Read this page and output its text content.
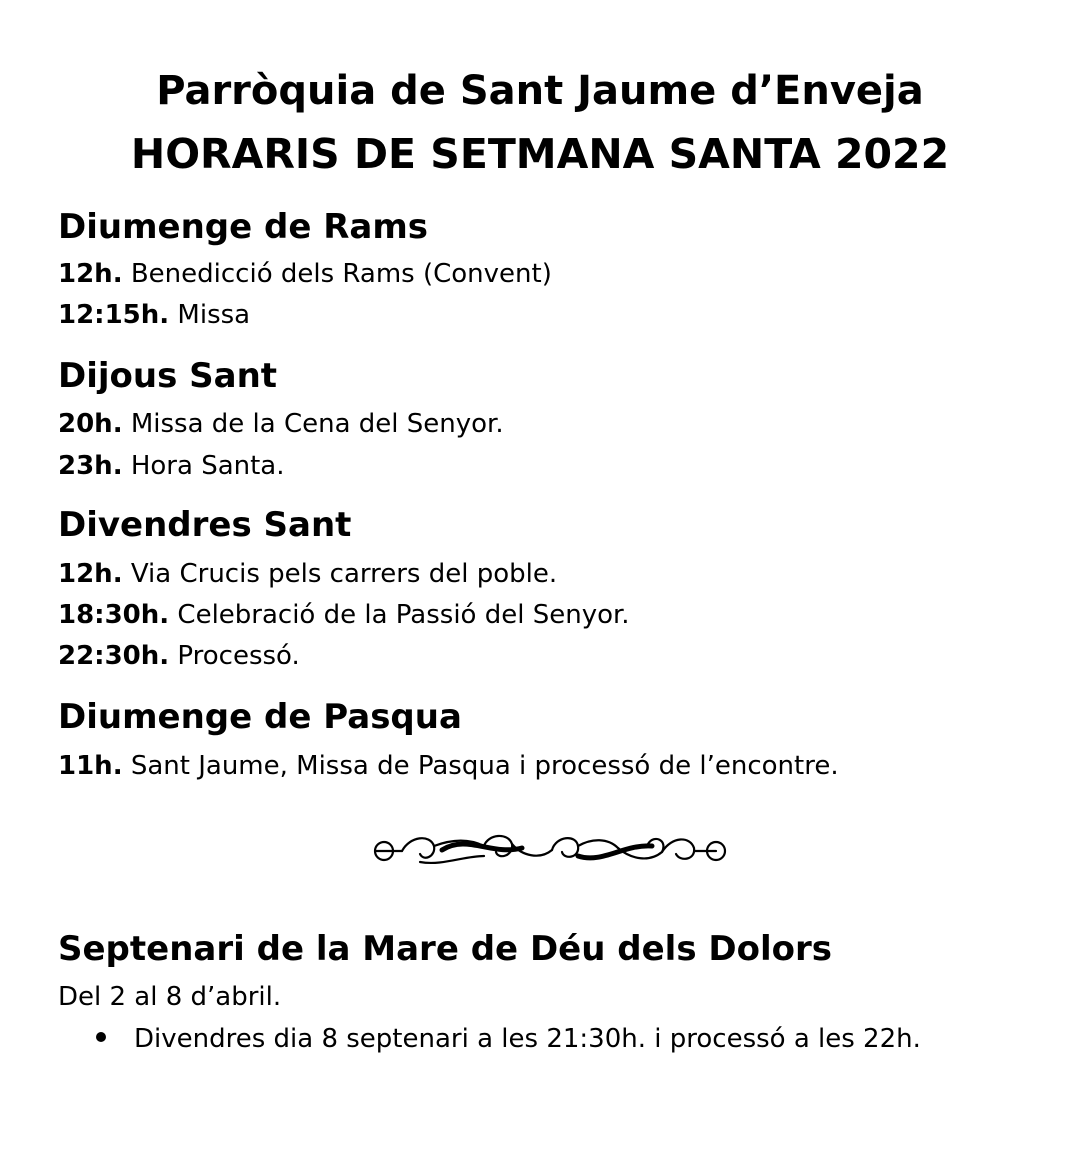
Parròquia de Sant Jaume d’Enveja
HORARIS DE SETMANA SANTA 2022
Diumenge de Rams
12h. Benedicció dels Rams (Convent)
12:15h. Missa
Dijous Sant
20h. Missa de la Cena del Senyor.
23h. Hora Santa.
Divendres Sant
12h. Via Crucis pels carrers del poble.
18:30h. Celebració de la Passió del Senyor.
22:30h. Processó.
Diumenge de Pasqua
11h. Sant Jaume, Missa de Pasqua i processó de l’encontre.
Septenari de la Mare de Déu dels Dolors
Del 2 al 8 d’abril.
Divendres dia 8 septenari a les 21:30h. i processó a les 22h.
